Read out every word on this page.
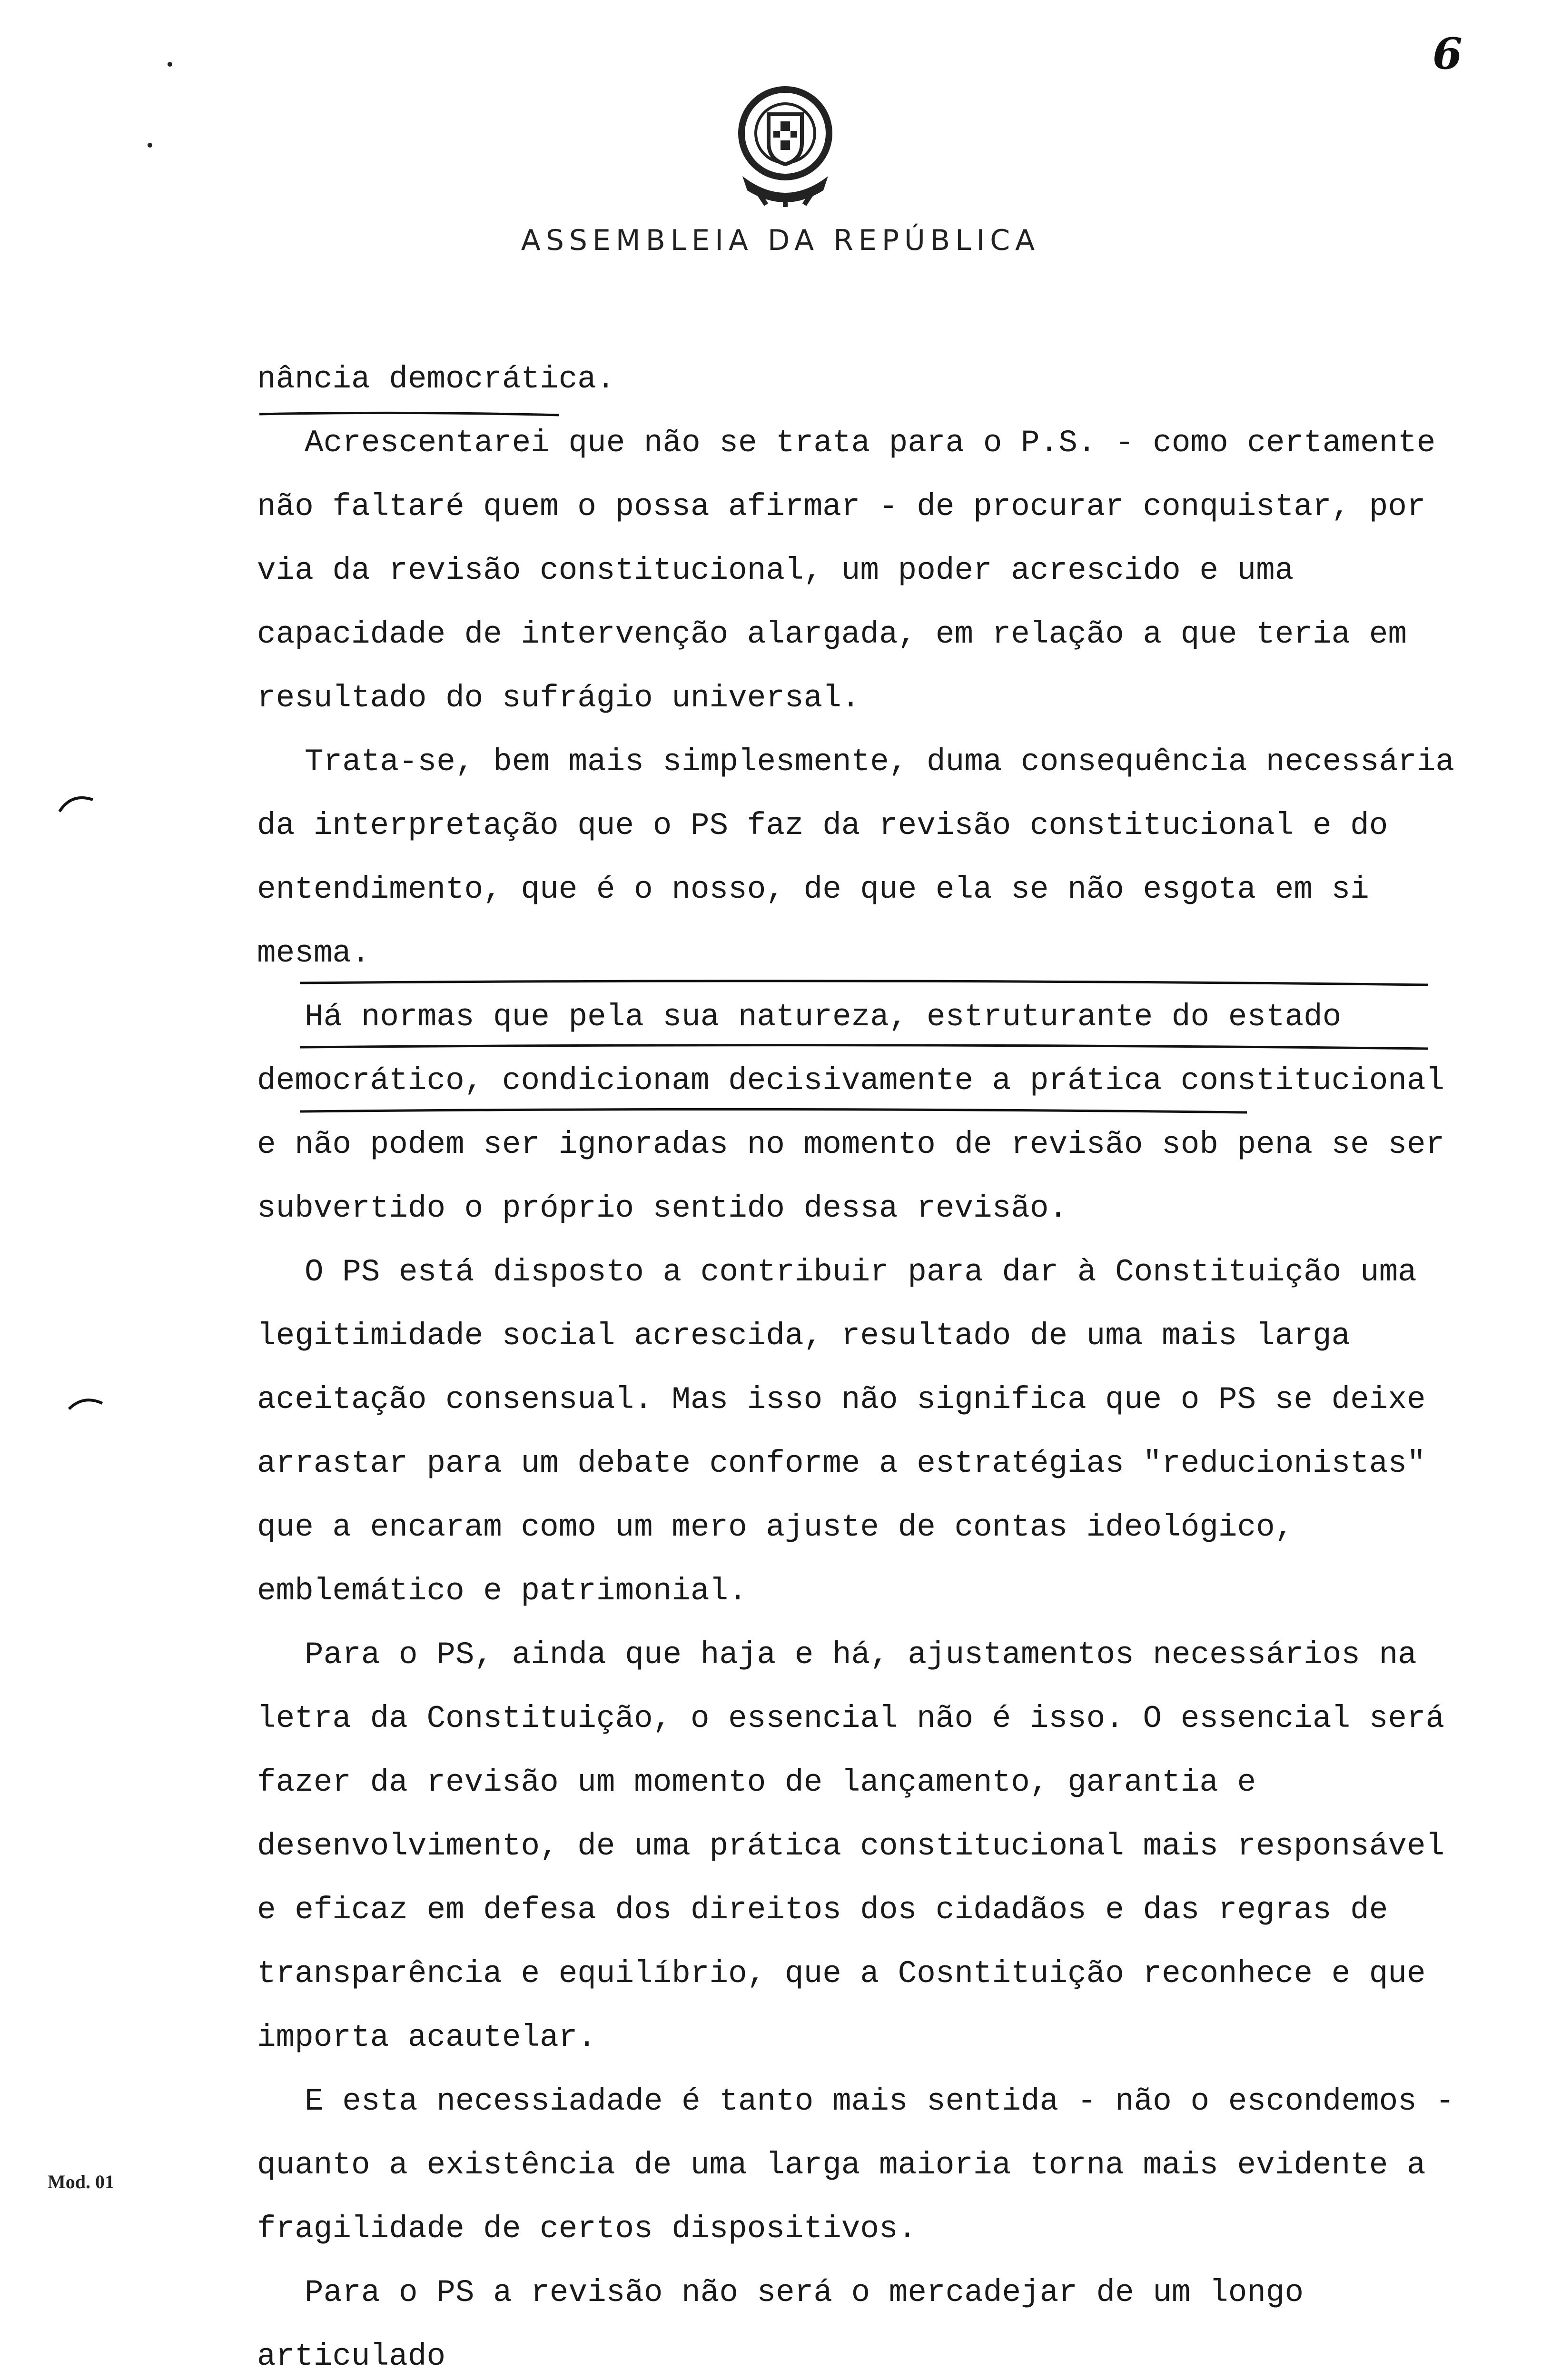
6
ASSEMBLEIA DA REPÚBLICA

nância democrática.

Acrescentarei que não se trata para o P.S. - como certamente não faltaré quem o possa afirmar - de procurar conquistar, por via da revisão constitucional, um poder acrescido e uma capacidade de intervenção alargada, em relação a que teria em resultado do sufrágio universal.

Trata-se, bem mais simplesmente, duma consequência necessária da interpretação que o PS faz da revisão constitucional e do entendimento, que é o nosso, de que ela se não esgota em si mesma.

Há normas que pela sua natureza, estruturante do estado democrático, condicionam decisivamente a prática constitucional e não podem ser ignoradas no momento de revisão sob pena se ser subvertido o próprio sentido dessa revisão.

O PS está disposto a contribuir para dar à Constituição uma legitimidade social acrescida, resultado de uma mais larga aceitação consensual. Mas isso não significa que o PS se deixe arrastar para um debate conforme a estratégias "reducionistas" que a encaram como um mero ajuste de contas ideológico, emblemático e patrimonial.

Para o PS, ainda que haja e há, ajustamentos necessários na letra da Constituição, o essencial não é isso. O essencial será fazer da revisão um momento de lançamento, garantia e desenvolvimento, de uma prática constitucional mais responsável e eficaz em defesa dos direitos dos cidadãos e das regras de transparência e equilíbrio, que a Cosntituição reconhece e que importa acautelar.

E esta necessiadade é tanto mais sentida - não o escondemos - quanto a existência de uma larga maioria torna mais evidente a fragilidade de certos dispositivos.

Para o PS a revisão não será o mercadejar de um longo articulado

Mod. 01
